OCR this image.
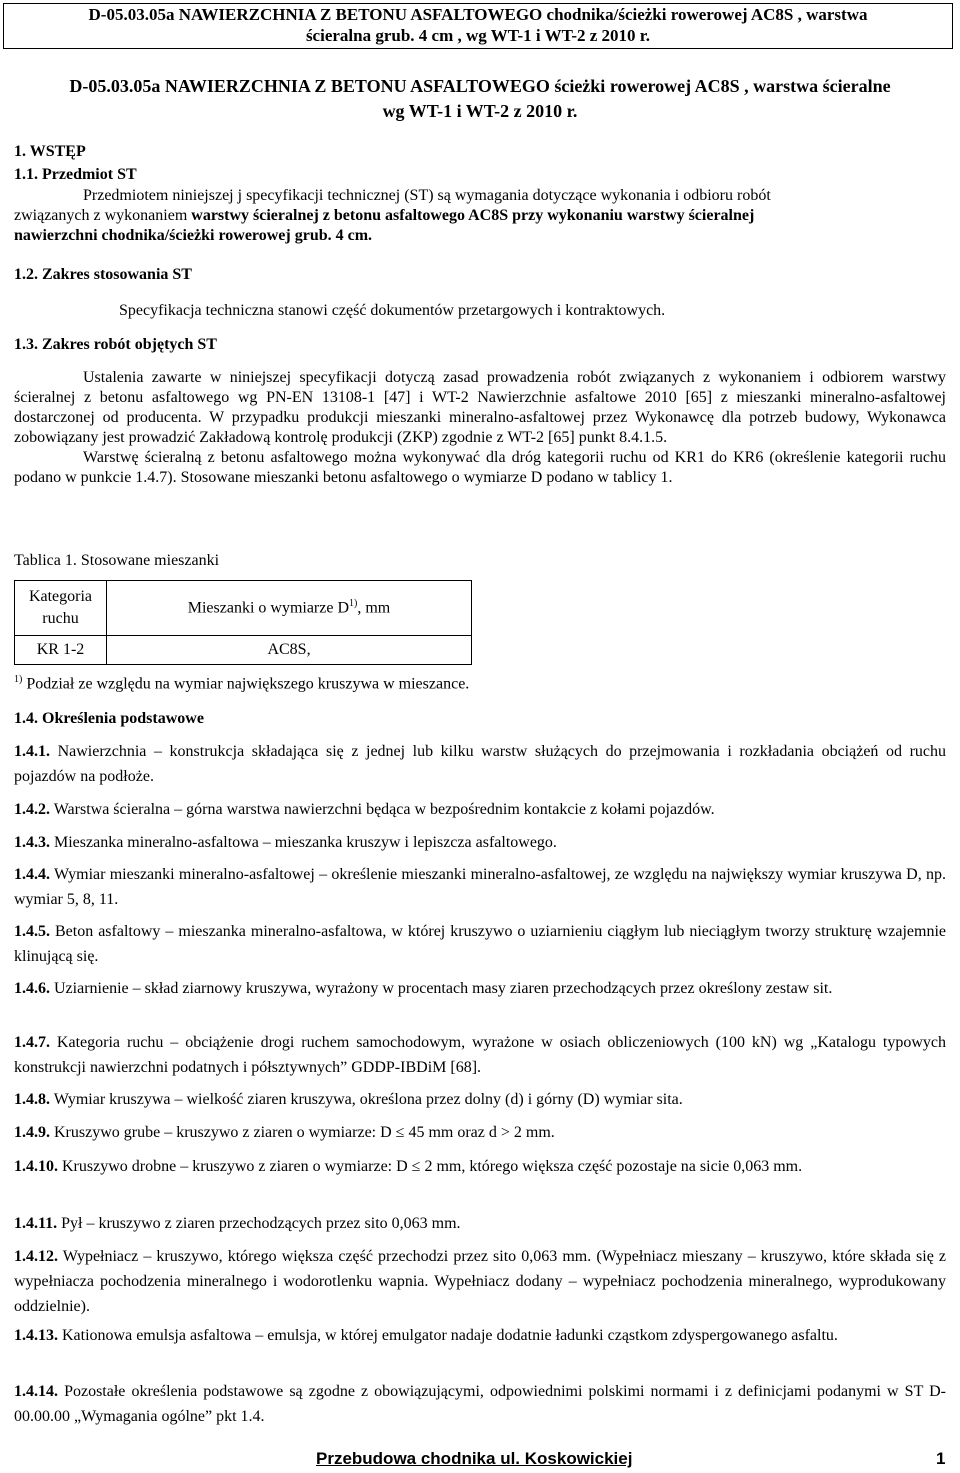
D-05.03.05a NAWIERZCHNIA Z BETONU ASFALTOWEGO chodnika/ścieżki rowerowej AC8S , warstwa
ścieralna grub. 4 cm , wg WT-1 i WT-2 z 2010 r.
D-05.03.05a NAWIERZCHNIA Z BETONU ASFALTOWEGO ścieżki rowerowej AC8S , warstwa ścieralne
wg WT-1 i WT-2 z 2010 r.
1. WSTĘP
1.1. Przedmiot ST
Przedmiotem niniejszej j specyfikacji technicznej (ST) są wymagania dotyczące wykonania i odbioru robót
związanych z wykonaniem warstwy ścieralnej z betonu asfaltowego AC8S przy wykonaniu warstwy ścieralnej
nawierzchni chodnika/ścieżki rowerowej grub. 4 cm.
1.2. Zakres stosowania ST
Specyfikacja techniczna stanowi część dokumentów przetargowych i kontraktowych.
1.3. Zakres robót objętych ST
Ustalenia zawarte w niniejszej specyfikacji dotyczą zasad prowadzenia robót związanych z wykonaniem i odbiorem warstwy ścieralnej z betonu asfaltowego wg PN-EN 13108-1 [47] i WT-2 Nawierzchnie asfaltowe 2010 [65] z mieszanki mineralno-asfaltowej dostarczonej od producenta. W przypadku produkcji mieszanki mineralno-asfaltowej przez Wykonawcę dla potrzeb budowy, Wykonawca zobowiązany jest prowadzić Zakładową kontrolę produkcji (ZKP) zgodnie z WT-2 [65] punkt 8.4.1.5.
Warstwę ścieralną z betonu asfaltowego można wykonywać dla dróg kategorii ruchu od KR1 do KR6 (określenie kategorii ruchu podano w punkcie 1.4.7). Stosowane mieszanki betonu asfaltowego o wymiarze D podano w tablicy 1.
Tablica 1. Stosowane mieszanki
Kategoria ruchu	Mieszanki o wymiarze $D^{1)}$, mm
KR 1-2	AC8S,
$^{1)}$ Podział ze względu na wymiar największego kruszywa w mieszance.
1.4. Określenia podstawowe
1.4.1. Nawierzchnia – konstrukcja składająca się z jednej lub kilku warstw służących do przejmowania i rozkładania obciążeń od ruchu pojazdów na podłoże.
1.4.2. Warstwa ścieralna – górna warstwa nawierzchni będąca w bezpośrednim kontakcie z kołami pojazdów.
1.4.3. Mieszanka mineralno-asfaltowa – mieszanka kruszyw i lepiszcza asfaltowego.
1.4.4. Wymiar mieszanki mineralno-asfaltowej – określenie mieszanki mineralno-asfaltowej, ze względu na największy wymiar kruszywa D, np. wymiar 5, 8, 11.
1.4.5. Beton asfaltowy – mieszanka mineralno-asfaltowa, w której kruszywo o uziarnieniu ciągłym lub nieciągłym tworzy strukturę wzajemnie klinującą się.
1.4.6. Uziarnienie – skład ziarnowy kruszywa, wyrażony w procentach masy ziaren przechodzących przez określony zestaw sit.
1.4.7. Kategoria ruchu – obciążenie drogi ruchem samochodowym, wyrażone w osiach obliczeniowych (100 kN) wg „Katalogu typowych konstrukcji nawierzchni podatnych i półsztywnych” GDDP-IBDiM [68].
1.4.8. Wymiar kruszywa – wielkość ziaren kruszywa, określona przez dolny (d) i górny (D) wymiar sita.
1.4.9. Kruszywo grube – kruszywo z ziaren o wymiarze: D ≤ 45 mm oraz d > 2 mm.
1.4.10. Kruszywo drobne – kruszywo z ziaren o wymiarze: D ≤ 2 mm, którego większa część pozostaje na sicie 0,063 mm.
1.4.11. Pył – kruszywo z ziaren przechodzących przez sito 0,063 mm.
1.4.12. Wypełniacz – kruszywo, którego większa część przechodzi przez sito 0,063 mm. (Wypełniacz mieszany – kruszywo, które składa się z wypełniacza pochodzenia mineralnego i wodorotlenku wapnia. Wypełniacz dodany – wypełniacz pochodzenia mineralnego, wyprodukowany oddzielnie).
1.4.13. Kationowa emulsja asfaltowa – emulsja, w której emulgator nadaje dodatnie ładunki cząstkom zdyspergowanego asfaltu.
1.4.14. Pozostałe określenia podstawowe są zgodne z obowiązującymi, odpowiednimi polskimi normami i z definicjami podanymi w ST D-00.00.00 „Wymagania ogólne” pkt 1.4.
Przebudowa chodnika ul. Koskowickiej	1
